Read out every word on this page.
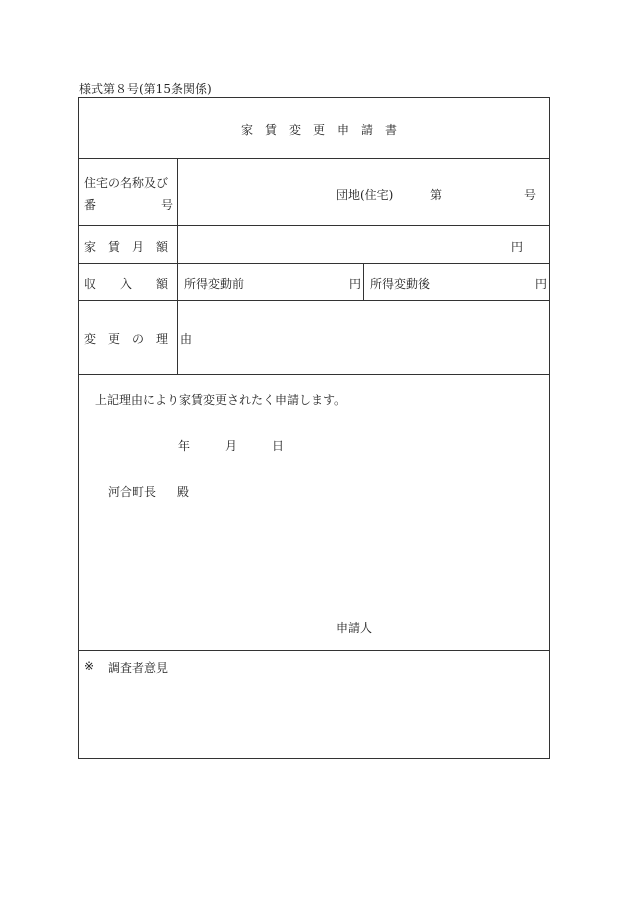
様式第８号(第15条関係)
家　賃　変　更　申　請　書
住宅の名称及び
番	号
団地(住宅)	第	号
家　賃　月　額	円
収　　入　　額 所得変動前	円 所得変動後	円
変　更　の　理　由
上記理由により家賃変更されたく申請します。
年	月	日
河合町長 殿
申請人
※ 調査者意見
